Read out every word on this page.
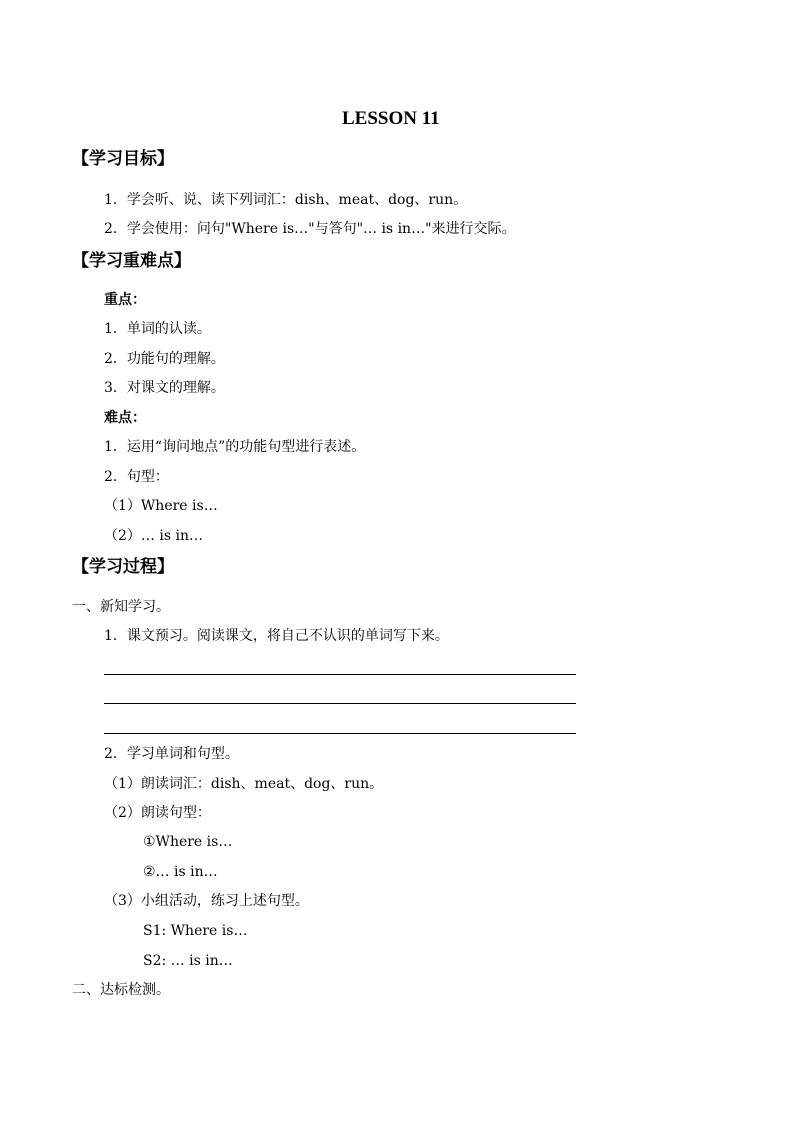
LESSON 11
【学习目标】
1．学会听、说、读下列词汇：dish、meat、dog、run。
2．学会使用：问句"Where is…"与答句"… is in…"来进行交际。
【学习重难点】
重点：
1．单词的认读。
2．功能句的理解。
3．对课文的理解。
难点：
1．运用“询问地点”的功能句型进行表述。
2．句型：
（1）Where is…
（2）… is in…
【学习过程】
一、新知学习。
1．课文预习。阅读课文，将自己不认识的单词写下来。
2．学习单词和句型。
（1）朗读词汇：dish、meat、dog、run。
（2）朗读句型：
①Where is…
②… is in…
（3）小组活动，练习上述句型。
S1: Where is…
S2: … is in…
二、达标检测。
